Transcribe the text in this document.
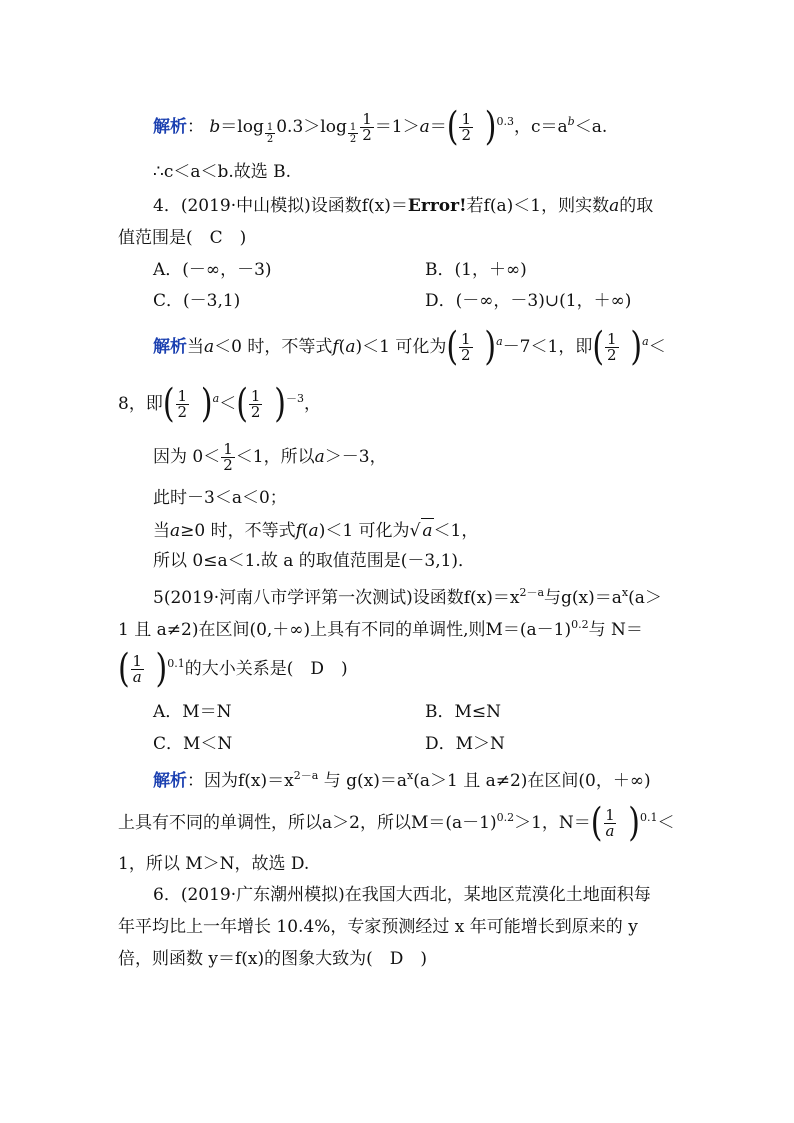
解析： $b=\log \frac{1}{2} 0.3>\log \frac{1}{2} \frac{1}{2} =1>a=( \frac{1}{2} )^{0.3}$，$c=a^b<a$.
∴c＜a＜b.故选 B.
4．(2019·中山模拟)设函数f(x)＝Error!若f(a)＜1，则实数a的取
值范围是(　C　)
A．(－∞，－3)	B．(1，＋∞)
C．(－3,1)	D．(－∞，－3)∪(1，＋∞)
解析当a＜0 时，不等式f(a)＜1 可化为( $\frac{1}{2} )^a-7<1$，即( $\frac{1}{2} )^a<$
8，即( $\frac{1}{2} )^a<( \frac{1}{2} )^{-3}$，
因为 $0< \frac{1}{2} <1$，所以a＞－3，
此时－3＜a＜0；
当a≥0 时，不等式f(a)＜1 可化为√ a＜1，
所以 0≤a＜1.故 a 的取值范围是(－3,1)．
5(2019·河南八市学评第一次测试)设函数$f(x)=x^{2-a}$与$g(x)=a^x(a>$
1 且 a≠2)在区间(0,＋∞)上具有不同的单调性,则$M=(a-1)^{0.2}$与 N＝
( $\frac{1}{a} )^{0.1}$的大小关系是(　D　)
A．M＝N	B．M≤N
C．M＜N	D．M＞N
解析：因为$f(x)=x^{2-a}$ 与 $g(x)=a^x(a>1$ 且 a≠2)在区间(0，＋∞)
上具有不同的单调性，所以a＞2，所以$M=(a-1)^{0.2}>1$，$N=( \frac{1}{a} )^{0.1}<$
1，所以 M＞N，故选 D.
6．(2019·广东潮州模拟)在我国大西北，某地区荒漠化土地面积每
年平均比上一年增长 10.4%，专家预测经过 x 年可能增长到原来的 y
倍，则函数 y＝f(x)的图象大致为(　D　)
